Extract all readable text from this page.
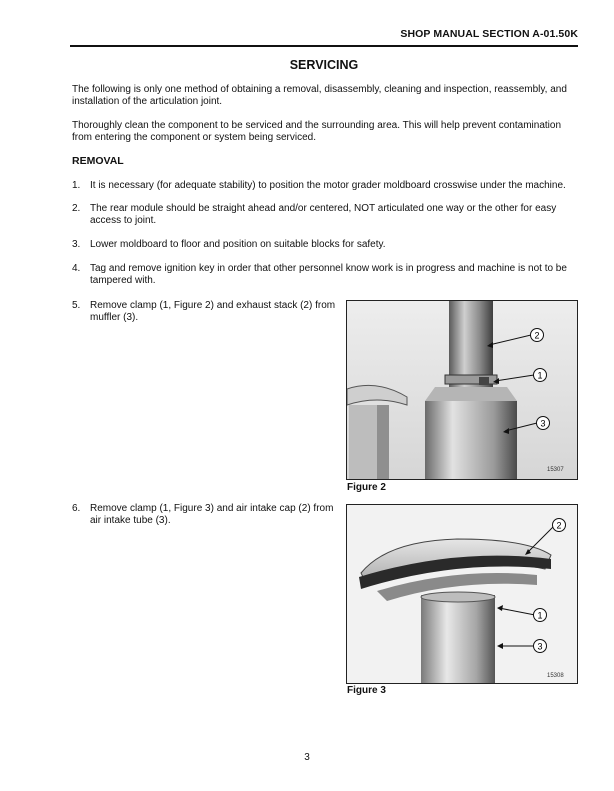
SHOP MANUAL SECTION A-01.50K
SERVICING
The following is only one method of obtaining a removal, disassembly, cleaning and inspection, reassembly, and installation of the articulation joint.
Thoroughly clean the component to be serviced and the surrounding area. This will help prevent contamination from entering the component or system being serviced.
REMOVAL
1. It is necessary (for adequate stability) to position the motor grader moldboard crosswise under the machine.
2. The rear module should be straight ahead and/or centered, NOT articulated one way or the other for easy access to joint.
3. Lower moldboard to floor and position on suitable blocks for safety.
4. Tag and remove ignition key in order that other personnel know work is in progress and machine is not to be tampered with.
5. Remove clamp (1, Figure 2) and exhaust stack (2) from muffler (3).
2
1
3
15307
Figure 2
6. Remove clamp (1, Figure 3) and air intake cap (2) from air intake tube (3).	2
1
3
15308
Figure 3
3
